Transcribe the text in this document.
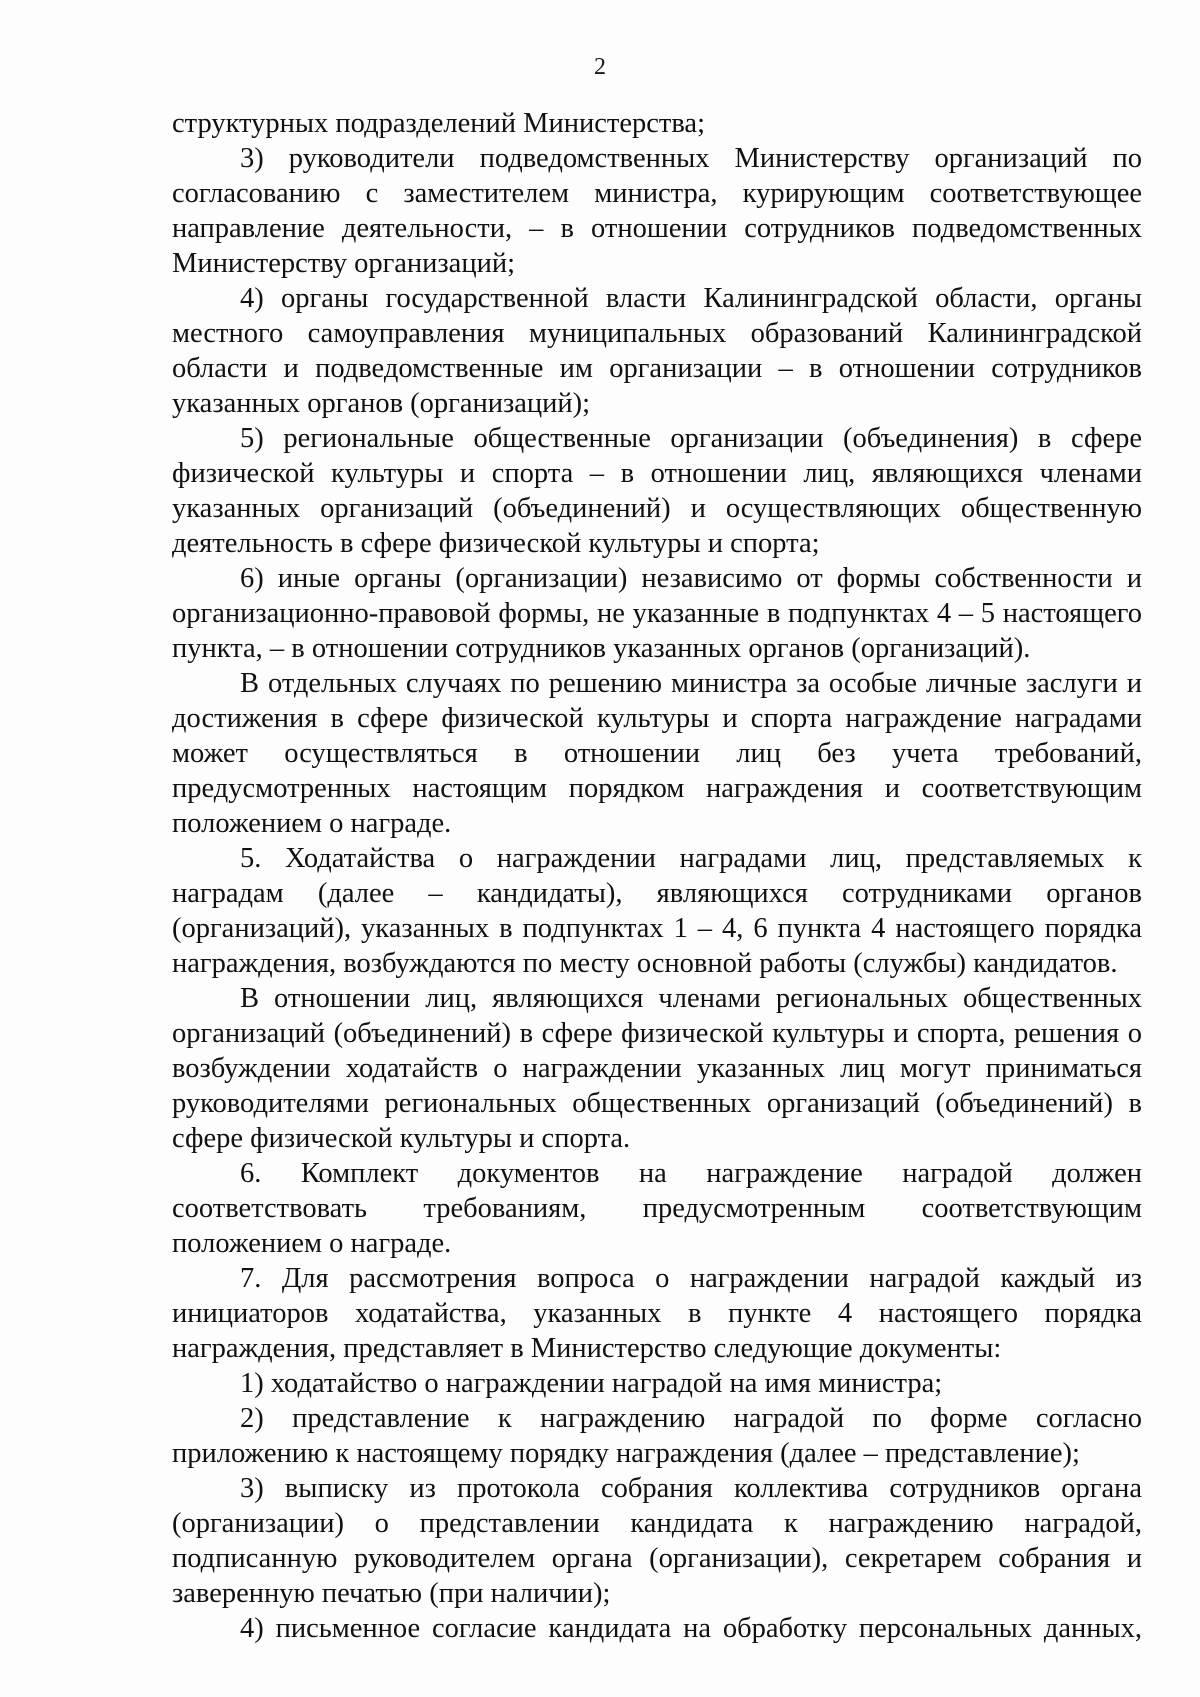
2

структурных подразделений Министерства;

3) руководители подведомственных Министерству организаций по согласованию с заместителем министра, курирующим соответствующее направление деятельности, – в отношении сотрудников подведомственных Министерству организаций;

4) органы государственной власти Калининградской области, органы местного самоуправления муниципальных образований Калининградской области и подведомственные им организации – в отношении сотрудников указанных органов (организаций);

5) региональные общественные организации (объединения) в сфере физической культуры и спорта – в отношении лиц, являющихся членами указанных организаций (объединений) и осуществляющих общественную деятельность в сфере физической культуры и спорта;

6) иные органы (организации) независимо от формы собственности и организационно-правовой формы, не указанные в подпунктах 4 – 5 настоящего пункта, – в отношении сотрудников указанных органов (организаций).

В отдельных случаях по решению министра за особые личные заслуги и достижения в сфере физической культуры и спорта награждение наградами может осуществляться в отношении лиц без учета требований, предусмотренных настоящим порядком награждения и соответствующим положением о награде.

5. Ходатайства о награждении наградами лиц, представляемых к наградам (далее – кандидаты), являющихся сотрудниками органов (организаций), указанных в подпунктах 1 – 4, 6 пункта 4 настоящего порядка награждения, возбуждаются по месту основной работы (службы) кандидатов.

В отношении лиц, являющихся членами региональных общественных организаций (объединений) в сфере физической культуры и спорта, решения о возбуждении ходатайств о награждении указанных лиц могут приниматься руководителями региональных общественных организаций (объединений) в сфере физической культуры и спорта.

6. Комплект документов на награждение наградой должен соответствовать требованиям, предусмотренным соответствующим положением о награде.

7. Для рассмотрения вопроса о награждении наградой каждый из инициаторов ходатайства, указанных в пункте 4 настоящего порядка награждения, представляет в Министерство следующие документы:

1) ходатайство о награждении наградой на имя министра;

2) представление к награждению наградой по форме согласно приложению к настоящему порядку награждения (далее – представление);

3) выписку из протокола собрания коллектива сотрудников органа (организации) о представлении кандидата к награждению наградой, подписанную руководителем органа (организации), секретарем собрания и заверенную печатью (при наличии);

4) письменное согласие кандидата на обработку персональных данных,
